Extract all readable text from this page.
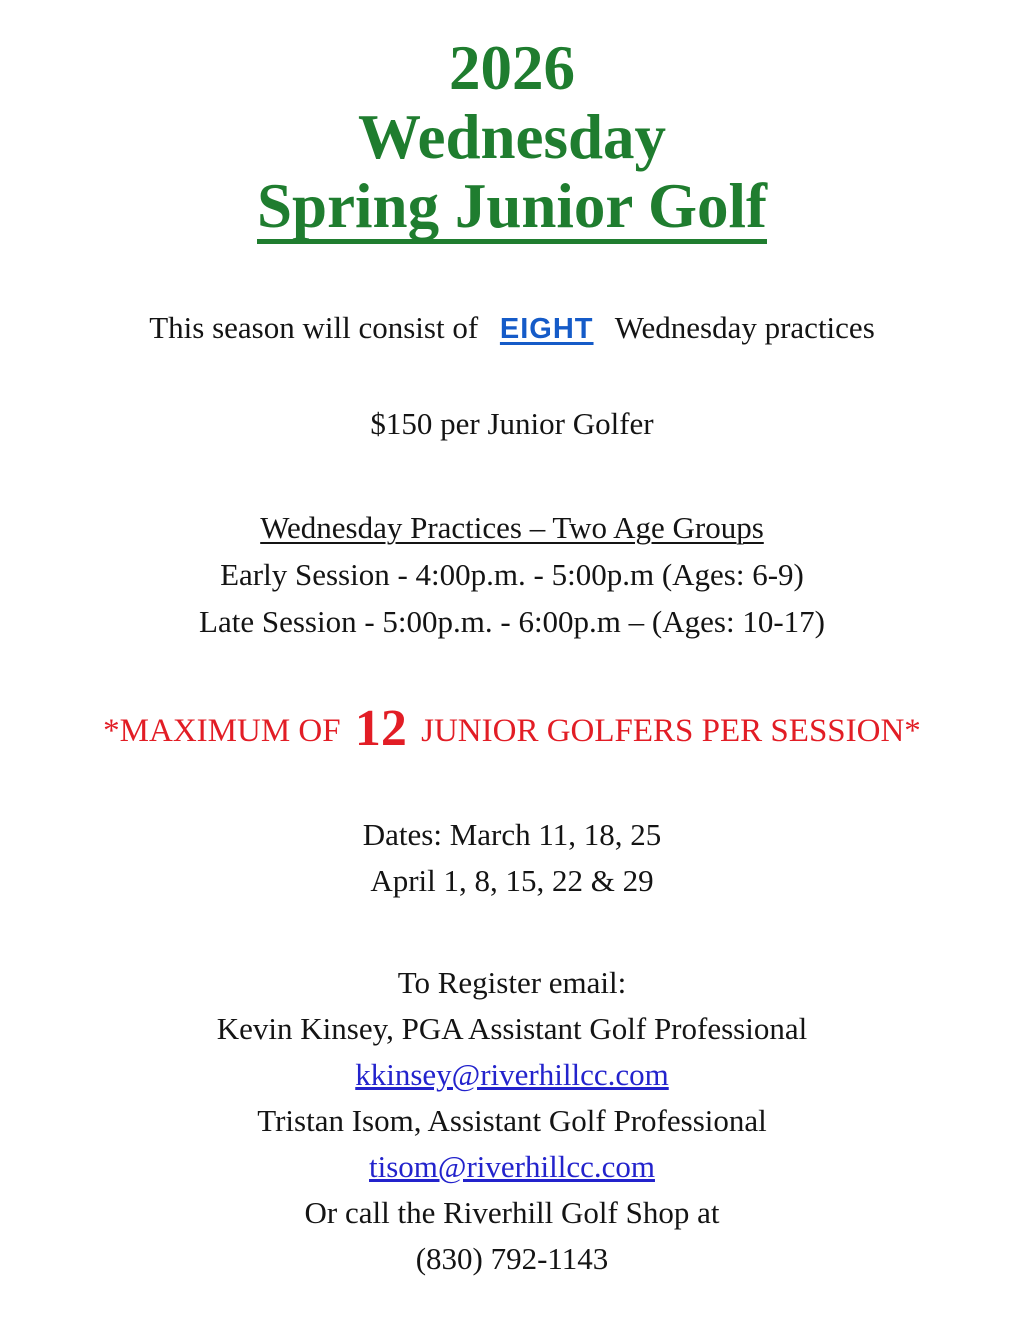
2026
Wednesday
Spring Junior Golf

This season will consist of EIGHT Wednesday practices

$150 per Junior Golfer

Wednesday Practices – Two Age Groups
Early Session - 4:00p.m. - 5:00p.m (Ages: 6-9)
Late Session - 5:00p.m. - 6:00p.m – (Ages: 10-17)

*MAXIMUM OF 12 JUNIOR GOLFERS PER SESSION*

Dates: March 11, 18, 25
April 1, 8, 15, 22 & 29
To Register email:
Kevin Kinsey, PGA Assistant Golf Professional
kkinsey@riverhillcc.com
Tristan Isom, Assistant Golf Professional
tisom@riverhillcc.com
Or call the Riverhill Golf Shop at
(830) 792-1143
